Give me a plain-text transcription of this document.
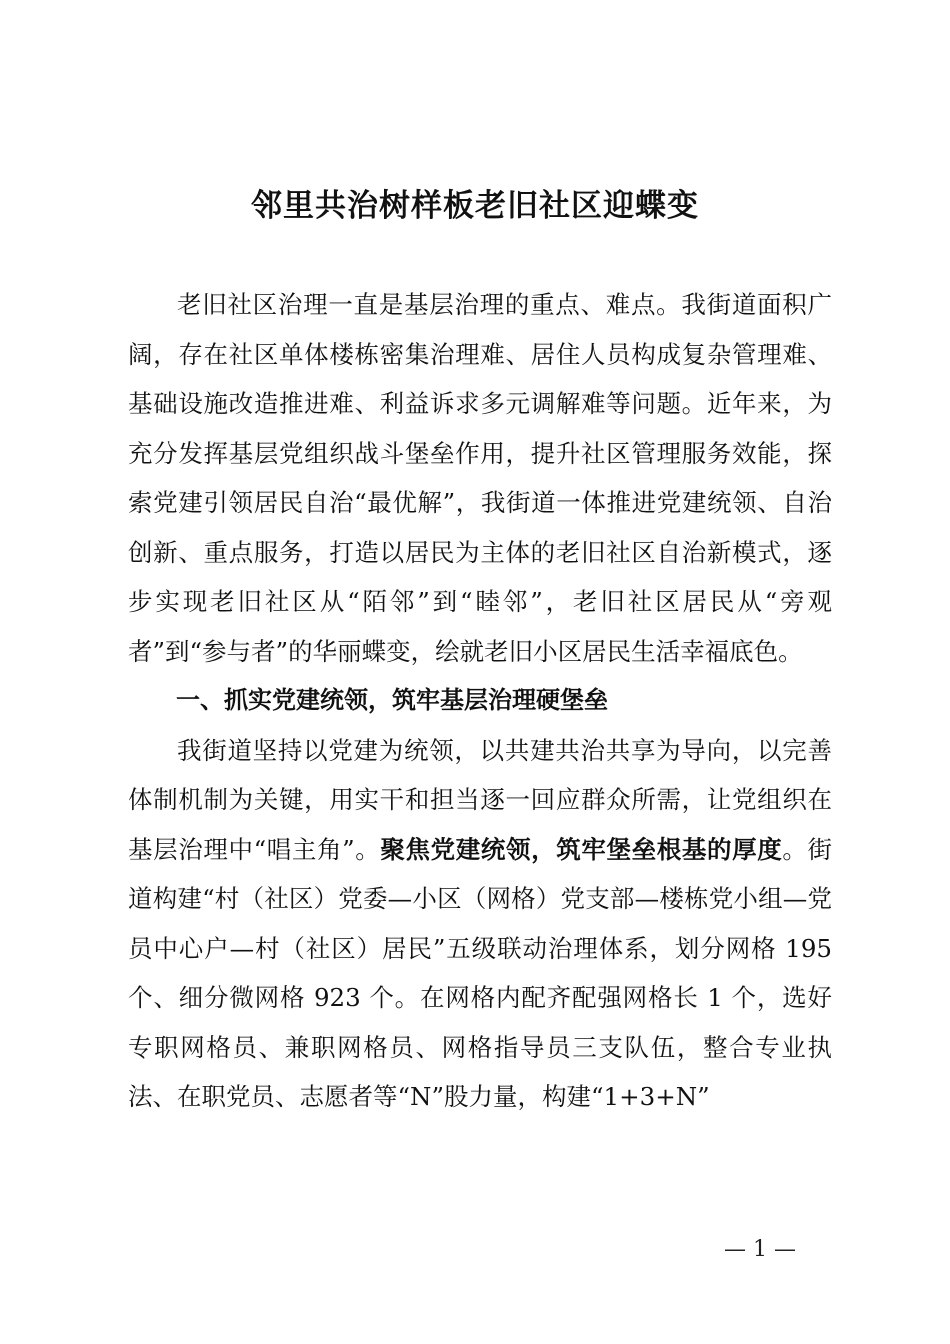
邻里共治树样板老旧社区迎蝶变

老旧社区治理一直是基层治理的重点、难点。我街道面积广阔，存在社区单体楼栋密集治理难、居住人员构成复杂管理难、基础设施改造推进难、利益诉求多元调解难等问题。近年来，为充分发挥基层党组织战斗堡垒作用，提升社区管理服务效能，探索党建引领居民自治“最优解”，我街道一体推进党建统领、自治创新、重点服务，打造以居民为主体的老旧社区自治新模式，逐步实现老旧社区从“陌邻”到“睦邻”，老旧社区居民从“旁观者”到“参与者”的华丽蝶变，绘就老旧小区居民生活幸福底色。

一、抓实党建统领，筑牢基层治理硬堡垒

我街道坚持以党建为统领，以共建共治共享为导向，以完善体制机制为关键，用实干和担当逐一回应群众所需，让党组织在基层治理中“唱主角”。聚焦党建统领，筑牢堡垒根基的厚度。街道构建“村（社区）党委—小区（网格）党支部—楼栋党小组—党员中心户—村（社区）居民”五级联动治理体系，划分网格 195 个、细分微网格 923 个。在网格内配齐配强网格长 1 个，选好专职网格员、兼职网格员、网格指导员三支队伍，整合专业执法、在职党员、志愿者等“N”股力量，构建“1+3+N”

— 1 —
